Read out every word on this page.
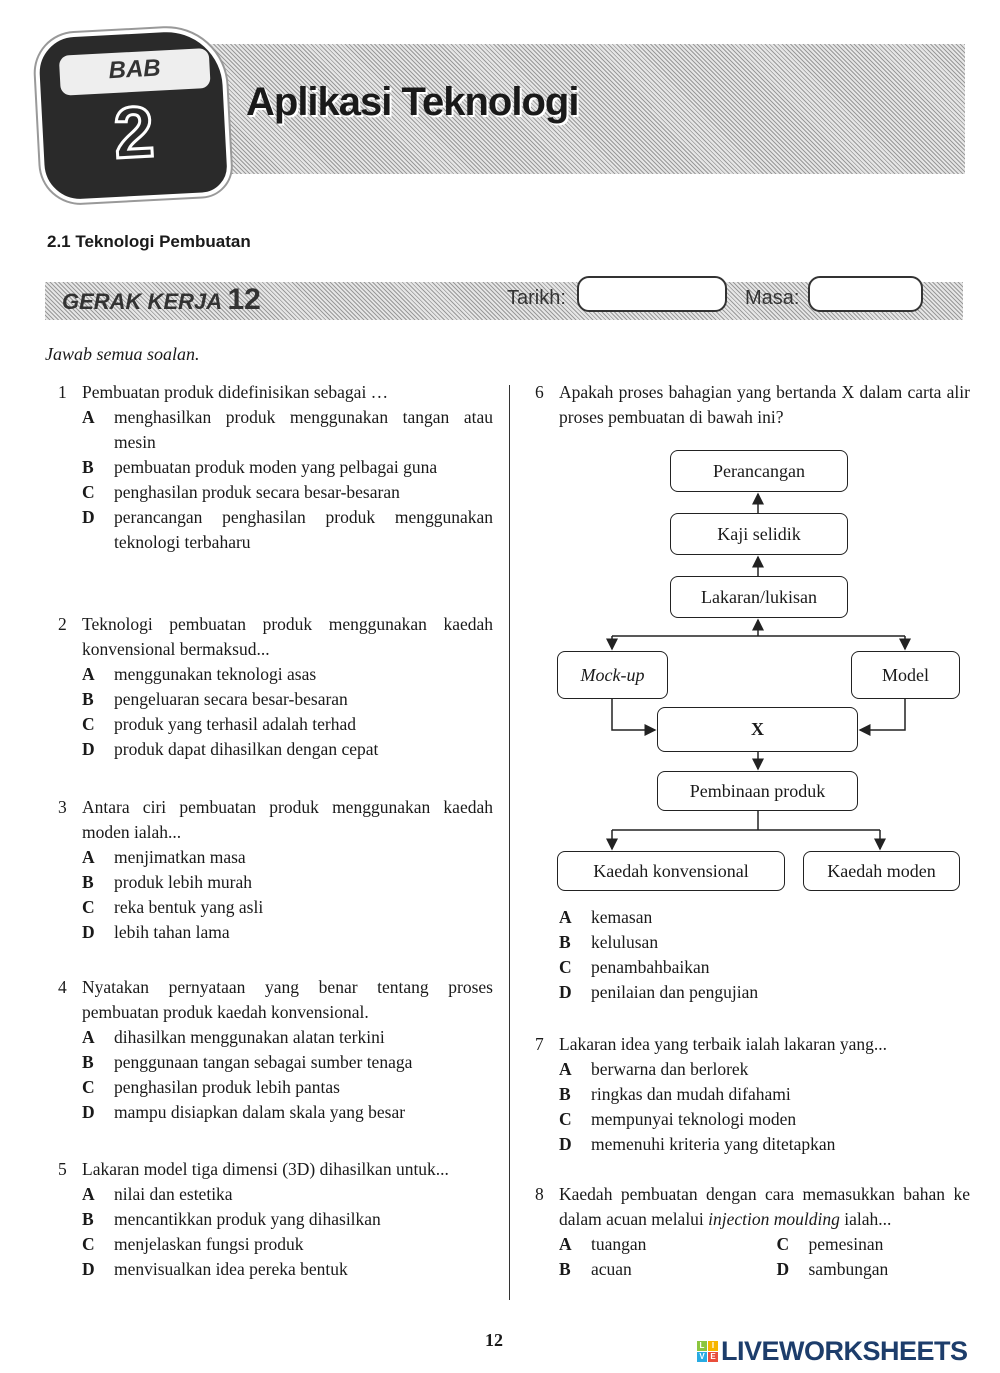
BAB
2	Aplikasi Teknologi
2.1 Teknologi Pembuatan
GERAK KERJA 12	Tarikh:	Masa:
Jawab semua soalan.
1 Pembuatan produk didefinisikan sebagai …
A	menghasilkan produk menggunakan tangan atau mesin
B	pembuatan produk moden yang pelbagai guna
C	penghasilan produk secara besar-besaran
D	perancangan penghasilan produk menggunakan teknologi terbaharu
2 Teknologi pembuatan produk menggunakan kaedah konvensional bermaksud...
A	menggunakan teknologi asas
B	pengeluaran secara besar-besaran
C	produk yang terhasil adalah terhad
D	produk dapat dihasilkan dengan cepat
3 Antara ciri pembuatan produk menggunakan kaedah moden ialah...
A	menjimatkan masa
B	produk lebih murah
C	reka bentuk yang asli
D	lebih tahan lama
4 Nyatakan pernyataan yang benar tentang proses pembuatan produk kaedah konvensional.
A	dihasilkan menggunakan alatan terkini
B	penggunaan tangan sebagai sumber tenaga
C	penghasilan produk lebih pantas
D	mampu disiapkan dalam skala yang besar
5 Lakaran model tiga dimensi (3D) dihasilkan untuk...
A	nilai dan estetika
B	mencantikkan produk yang dihasilkan
C	menjelaskan fungsi produk
D	menvisualkan idea pereka bentuk
6 Apakah proses bahagian yang bertanda X dalam carta alir proses pembuatan di bawah ini?
A	kemasan
B	kelulusan
C	penambahbaikan
D	penilaian dan pengujian
7 Lakaran idea yang terbaik ialah lakaran yang...
A	berwarna dan berlorek
B	ringkas dan mudah difahami
C	mempunyai teknologi moden
D	memenuhi kriteria yang ditetapkan
8 Kaedah pembuatan dengan cara memasukkan bahan ke dalam acuan melalui injection moulding ialah...
A	tuangan	C	pemesinan
B	acuan	D	sambungan
Perancangan
Kaji selidik
Lakaran/lukisan
Mock-up	Model
X
Pembinaan produk
Kaedah konvensional	Kaedah moden
12	L I
V E LIVEWORKSHEETS
